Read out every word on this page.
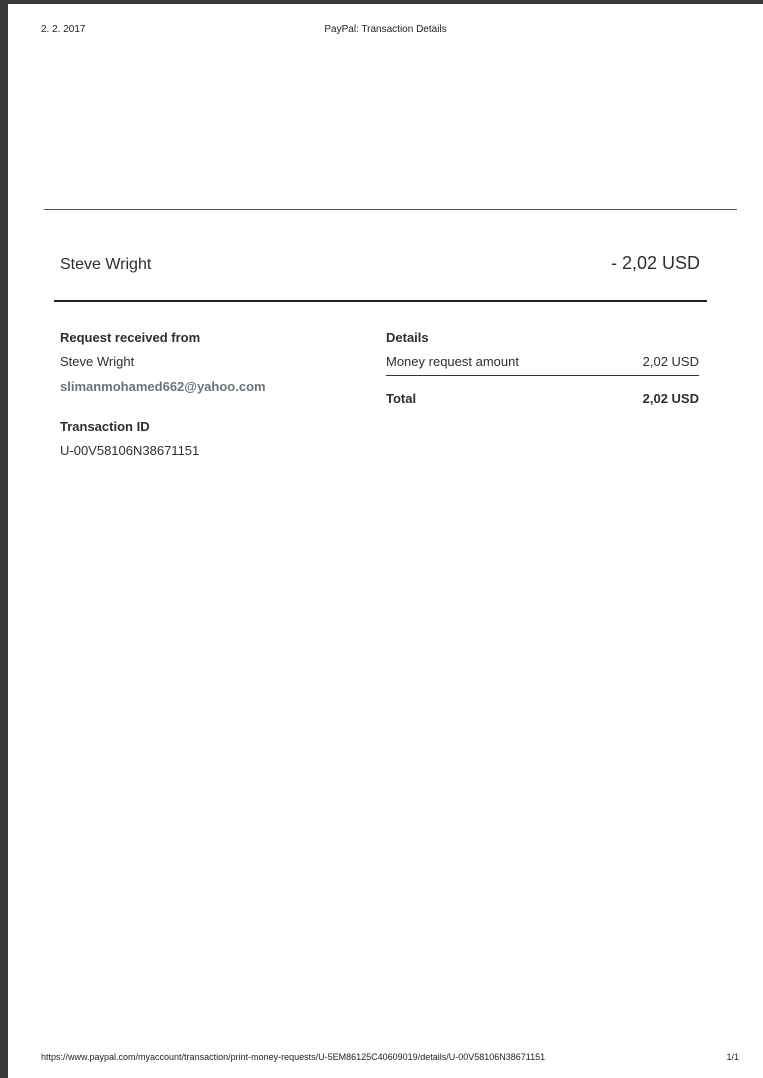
2. 2. 2017	PayPal: Transaction Details
Steve Wright	- 2,02 USD
Request received from
Steve Wright
slimanmohamed662@yahoo.com
Transaction ID
U-00V58106N38671151
Details
Money request amount	2,02 USD
Total	2,02 USD
https://www.paypal.com/myaccount/transaction/print-money-requests/U-5EM86125C40609019/details/U-00V58106N38671151	1/1
